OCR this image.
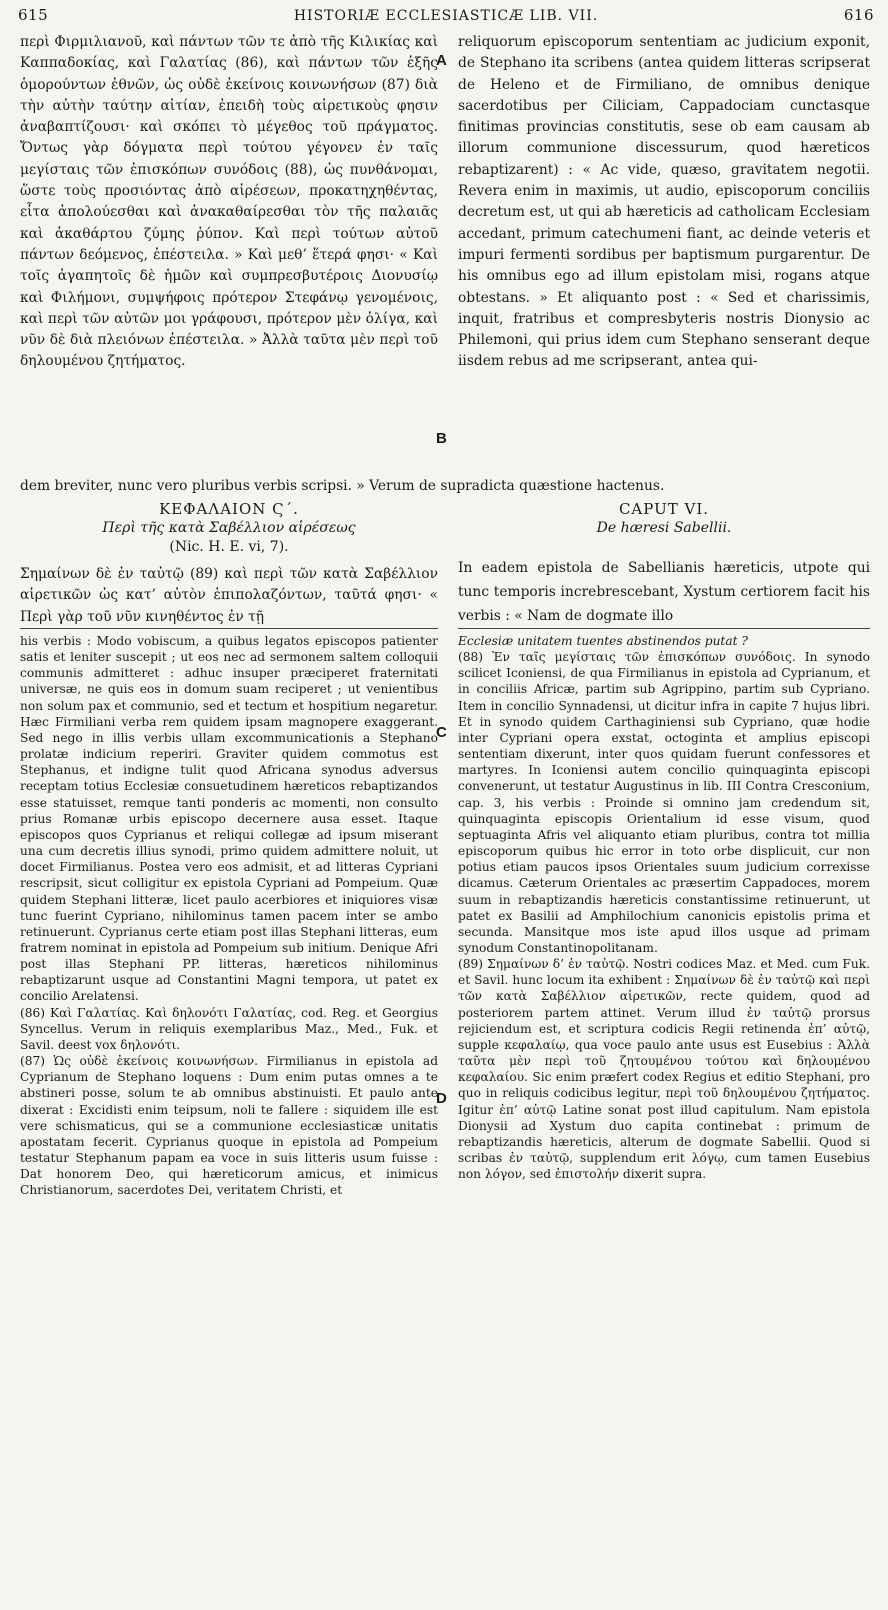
615	HISTORIÆ ECCLESIASTICÆ LIB. VII.	616

περὶ Φιρμιλιανοῦ, καὶ πάντων τῶν τε ἀπὸ τῆς Κιλικίας καὶ Καππαδοκίας, καὶ Γαλατίας (86), καὶ πάντων τῶν ἑξῆς ὁμορούντων ἐθνῶν, ὡς οὐδὲ ἐκείνοις κοινωνήσων (87) διὰ τὴν αὐτὴν ταύτην αἰτίαν, ἐπειδὴ τοὺς αἱρετικοὺς φησιν ἀναβαπτίζουσι· καὶ σκόπει τὸ μέγεθος τοῦ πράγματος. Ὄντως γὰρ δόγματα περὶ τούτου γέγονεν ἐν ταῖς μεγίσταις τῶν ἐπισκόπων συνόδοις (88), ὡς πυνθάνομαι, ὥστε τοὺς προσιόντας ἀπὸ αἱρέσεων, προκατηχηθέντας, εἶτα ἀπολούεσθαι καὶ ἀνακαθαίρεσθαι τὸν τῆς παλαιᾶς καὶ ἀκαθάρτου ζύμης ῥύπον. Καὶ περὶ τούτων αὐτοῦ πάντων δεόμενος, ἐπέστειλα. » Καὶ μεθ’ ἕτερά φησι· « Καὶ τοῖς ἀγαπητοῖς δὲ ἡμῶν καὶ συμπρεσβυτέροις Διονυσίῳ καὶ Φιλήμονι, συμψήφοις πρότερον Στεφάνῳ γενομένοις, καὶ περὶ τῶν αὐτῶν μοι γράφουσι, πρότερον μὲν ὀλίγα, καὶ νῦν δὲ διὰ πλειόνων ἐπέστειλα. » Ἀλλὰ ταῦτα μὲν περὶ τοῦ δηλουμένου ζητήματος.

reliquorum episcoporum sententiam ac judicium exponit, de Stephano ita scribens (antea quidem litteras scripserat de Heleno et de Firmiliano, de omnibus denique sacerdotibus per Ciliciam, Cappadociam cunctasque finitimas provincias constitutis, sese ob eam causam ab illorum communione discessurum, quod hæreticos rebaptizarent) : « Ac vide, quæso, gravitatem negotii. Revera enim in maximis, ut audio, episcoporum conciliis decretum est, ut qui ab hæreticis ad catholicam Ecclesiam accedant, primum catechumeni fiant, ac deinde veteris et impuri fermenti sordibus per baptismum purgarentur. De his omnibus ego ad illum epistolam misi, rogans atque obtestans. » Et aliquanto post : « Sed et charissimis, inquit, fratribus et compresbyteris nostris Dionysio ac Philemoni, qui prius idem cum Stephano senserant deque iisdem rebus ad me scripserant, antea qui-

A
B
C
D
dem breviter, nunc vero pluribus verbis scripsi. » Verum de supradicta quæstione hactenus.
ΚΕΦΑΛΑΙΟΝ Ϛ΄.
Περὶ τῆς κατὰ Σαβέλλιον αἱρέσεως
(Nic. H. E. vi, 7).

Σημαίνων δὲ ἐν ταὐτῷ (89) καὶ περὶ τῶν κατὰ Σαβέλλιον αἱρετικῶν ὡς κατ’ αὐτὸν ἐπιπολαζόντων, ταῦτά φησι· « Περὶ γὰρ τοῦ νῦν κινηθέντος ἐν τῇ

CAPUT VI.
De hæresi Sabellii.

In eadem epistola de Sabellianis hæreticis, utpote qui tunc temporis increbrescebant, Xystum certiorem facit his verbis : « Nam de dogmate illo

his verbis : Modo vobiscum, a quibus legatos episcopos patienter satis et leniter suscepit ; ut eos nec ad sermonem saltem colloquii communis admitteret : adhuc insuper præciperet fraternitati universæ, ne quis eos in domum suam reciperet ; ut venientibus non solum pax et communio, sed et tectum et hospitium negaretur. Hæc Firmiliani verba rem quidem ipsam magnopere exaggerant. Sed nego in illis verbis ullam excommunicationis a Stephano prolatæ indicium reperiri. Graviter quidem commotus est Stephanus, et indigne tulit quod Africana synodus adversus receptam totius Ecclesiæ consuetudinem hæreticos rebaptizandos esse statuisset, remque tanti ponderis ac momenti, non consulto prius Romanæ urbis episcopo decernere ausa esset. Itaque episcopos quos Cyprianus et reliqui collegæ ad ipsum miserant una cum decretis illius synodi, primo quidem admittere noluit, ut docet Firmilianus. Postea vero eos admisit, et ad litteras Cypriani rescripsit, sicut colligitur ex epistola Cypriani ad Pompeium. Quæ quidem Stephani litteræ, licet paulo acerbiores et iniquiores visæ tunc fuerint Cypriano, nihilominus tamen pacem inter se ambo retinuerunt. Cyprianus certe etiam post illas Stephani litteras, eum fratrem nominat in epistola ad Pompeium sub initium. Denique Afri post illas Stephani PP. litteras, hæreticos nihilominus rebaptizarunt usque ad Constantini Magni tempora, ut patet ex concilio Arelatensi.

(86) Καὶ Γαλατίας. Καὶ δηλονότι Γαλατίας, cod. Reg. et Georgius Syncellus. Verum in reliquis exemplaribus Maz., Med., Fuk. et Savil. deest vox δηλονότι.

(87) Ὡς οὐδὲ ἐκείνοις κοινωνήσων. Firmilianus in epistola ad Cyprianum de Stephano loquens : Dum enim putas omnes a te abstineri posse, solum te ab omnibus abstinuisti. Et paulo ante dixerat : Excidisti enim teipsum, noli te fallere : siquidem ille est vere schismaticus, qui se a communione ecclesiasticæ unitatis apostatam fecerit. Cyprianus quoque in epistola ad Pompeium testatur Stephanum papam ea voce in suis litteris usum fuisse : Dat honorem Deo, qui hæreticorum amicus, et inimicus Christianorum, sacerdotes Dei, veritatem Christi, et

Ecclesiæ unitatem tuentes abstinendos putat ?

(88) Ἐν ταῖς μεγίσταις τῶν ἐπισκόπων συνόδοις. In synodo scilicet Iconiensi, de qua Firmilianus in epistola ad Cyprianum, et in conciliis Africæ, partim sub Agrippino, partim sub Cypriano. Item in concilio Synnadensi, ut dicitur infra in capite 7 hujus libri. Et in synodo quidem Carthaginiensi sub Cypriano, quæ hodie inter Cypriani opera exstat, octoginta et amplius episcopi sententiam dixerunt, inter quos quidam fuerunt confessores et martyres. In Iconiensi autem concilio quinquaginta episcopi convenerunt, ut testatur Augustinus in lib. III Contra Cresconium, cap. 3, his verbis : Proinde si omnino jam credendum sit, quinquaginta episcopis Orientalium id esse visum, quod septuaginta Afris vel aliquanto etiam pluribus, contra tot millia episcoporum quibus hic error in toto orbe displicuit, cur non potius etiam paucos ipsos Orientales suum judicium correxisse dicamus. Cæterum Orientales ac præsertim Cappadoces, morem suum in rebaptizandis hæreticis constantissime retinuerunt, ut patet ex Basilii ad Amphilochium canonicis epistolis prima et secunda. Mansitque mos iste apud illos usque ad primam synodum Constantinopolitanam.

(89) Σημαίνων δ’ ἐν ταὐτῷ. Nostri codices Maz. et Med. cum Fuk. et Savil. hunc locum ita exhibent : Σημαίνων δὲ ἐν ταὐτῷ καὶ περὶ τῶν κατὰ Σαβέλλιον αἱρετικῶν, recte quidem, quod ad posteriorem partem attinet. Verum illud ἐν ταὐτῷ prorsus rejiciendum est, et scriptura codicis Regii retinenda ἐπ’ αὐτῷ, supple κεφαλαίῳ, qua voce paulo ante usus est Eusebius : Ἀλλὰ ταῦτα μὲν περὶ τοῦ ζητουμένου τούτου καὶ δηλουμένου κεφαλαίου. Sic enim præfert codex Regius et editio Stephani, pro quo in reliquis codicibus legitur, περὶ τοῦ δηλουμένου ζητήματος. Igitur ἐπ’ αὐτῷ Latine sonat post illud capitulum. Nam epistola Dionysii ad Xystum duo capita continebat : primum de rebaptizandis hæreticis, alterum de dogmate Sabellii. Quod si scribas ἐν ταὐτῷ, supplendum erit λόγῳ, cum tamen Eusebius non λόγον, sed ἐπιστολήν dixerit supra.
